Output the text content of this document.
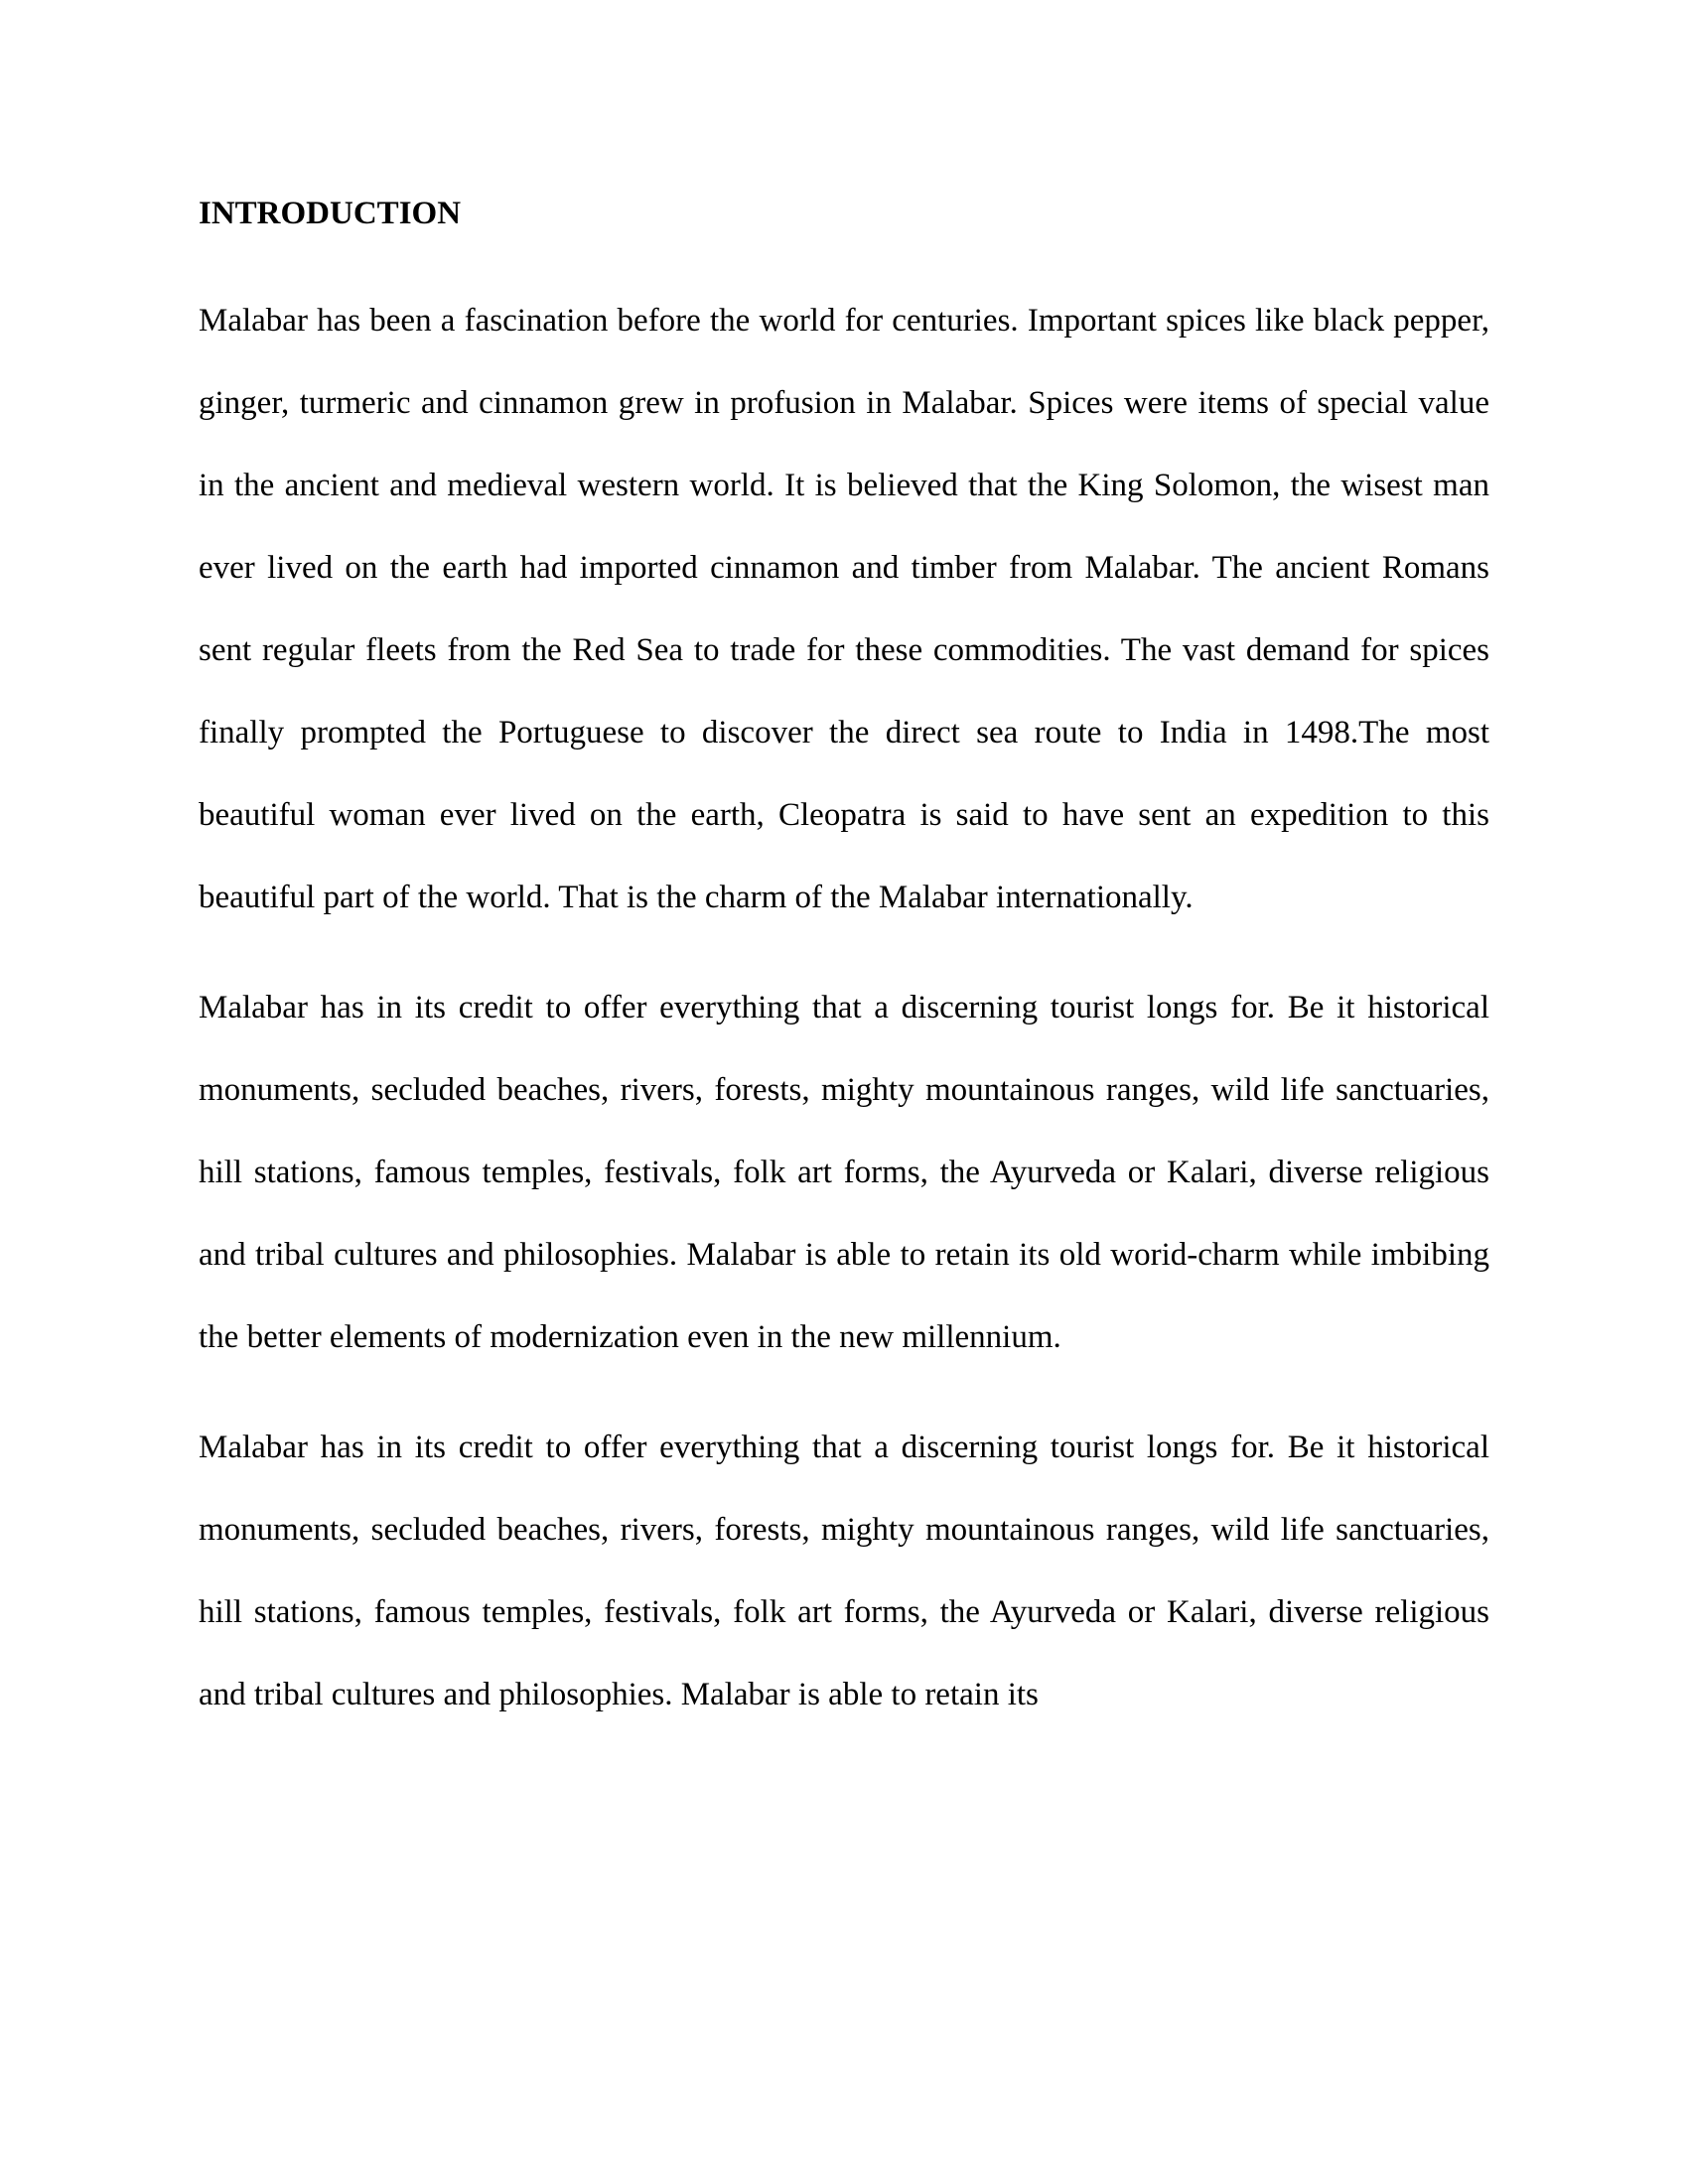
INTRODUCTION

Malabar has been a fascination before the world for centuries. Important spices like black pepper, ginger, turmeric and cinnamon grew in profusion in Malabar. Spices were items of special value in the ancient and medieval western world. It is believed that the King Solomon, the wisest man ever lived on the earth had imported cinnamon and timber from Malabar. The ancient Romans sent regular fleets from the Red Sea to trade for these commodities. The vast demand for spices finally prompted the Portuguese to discover the direct sea route to India in 1498.The most beautiful woman ever lived on the earth, Cleopatra is said to have sent an expedition to this beautiful part of the world. That is the charm of the Malabar internationally.

Malabar has in its credit to offer everything that a discerning tourist longs for. Be it historical monuments, secluded beaches, rivers, forests, mighty mountainous ranges, wild life sanctuaries, hill stations, famous temples, festivals, folk art forms, the Ayurveda or Kalari, diverse religious and tribal cultures and philosophies. Malabar is able to retain its old worid-charm while imbibing the better elements of modernization even in the new millennium.

Malabar has in its credit to offer everything that a discerning tourist longs for. Be it historical monuments, secluded beaches, rivers, forests, mighty mountainous ranges, wild life sanctuaries, hill stations, famous temples, festivals, folk art forms, the Ayurveda or Kalari, diverse religious and tribal cultures and philosophies. Malabar is able to retain its
